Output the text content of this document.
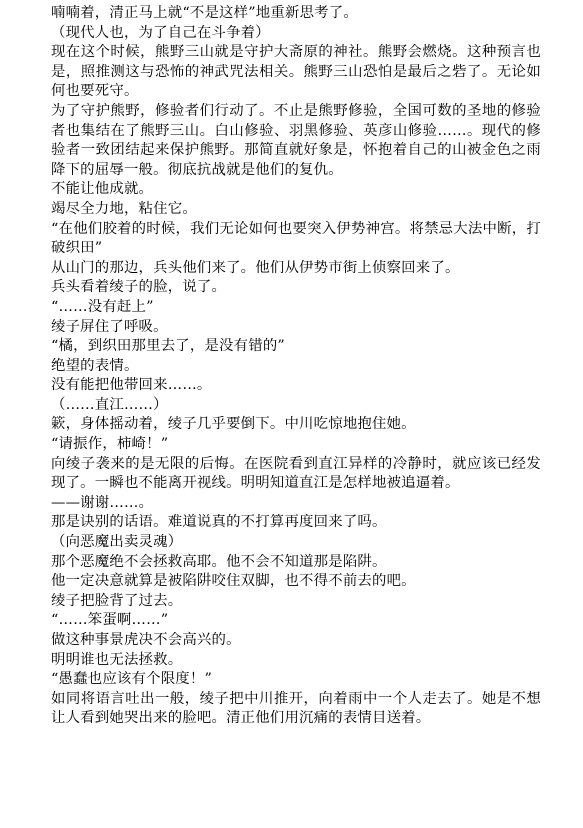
喃喃着，清正马上就“不是这样”地重新思考了。

（现代人也，为了自己在斗争着）

现在这个时候，熊野三山就是守护大斋原的神社。熊野会燃烧。这种预言也是，照推测这与恐怖的神武咒法相关。熊野三山恐怕是最后之砦了。无论如何也要死守。

为了守护熊野，修验者们行动了。不止是熊野修验，全国可数的圣地的修验者也集结在了熊野三山。白山修验、羽黑修验、英彦山修验……。现代的修验者一致团结起来保护熊野。那简直就好象是，怀抱着自己的山被金色之雨降下的屈辱一般。彻底抗战就是他们的复仇。

不能让他成就。

竭尽全力地，粘住它。

“在他们胶着的时候，我们无论如何也要突入伊势神宫。将禁忌大法中断，打破织田”

从山门的那边，兵头他们来了。他们从伊势市街上侦察回来了。

兵头看着绫子的脸，说了。

“……没有赶上”

绫子屏住了呼吸。

“橘，到织田那里去了，是没有错的”

绝望的表情。

没有能把他带回来……。

（……直江……）

簌，身体摇动着，绫子几乎要倒下。中川吃惊地抱住她。

“请振作，柿崎！”

向绫子袭来的是无限的后悔。在医院看到直江异样的冷静时，就应该已经发现了。一瞬也不能离开视线。明明知道直江是怎样地被追逼着。

——谢谢……。

那是诀别的话语。难道说真的不打算再度回来了吗。

（向恶魔出卖灵魂）

那个恶魔绝不会拯救高耶。他不会不知道那是陷阱。

他一定决意就算是被陷阱咬住双脚，也不得不前去的吧。

绫子把脸背了过去。

“……笨蛋啊……”

做这种事景虎决不会高兴的。

明明谁也无法拯救。

“愚蠢也应该有个限度！”

如同将语言吐出一般，绫子把中川推开，向着雨中一个人走去了。她是不想让人看到她哭出来的脸吧。清正他们用沉痛的表情目送着。
